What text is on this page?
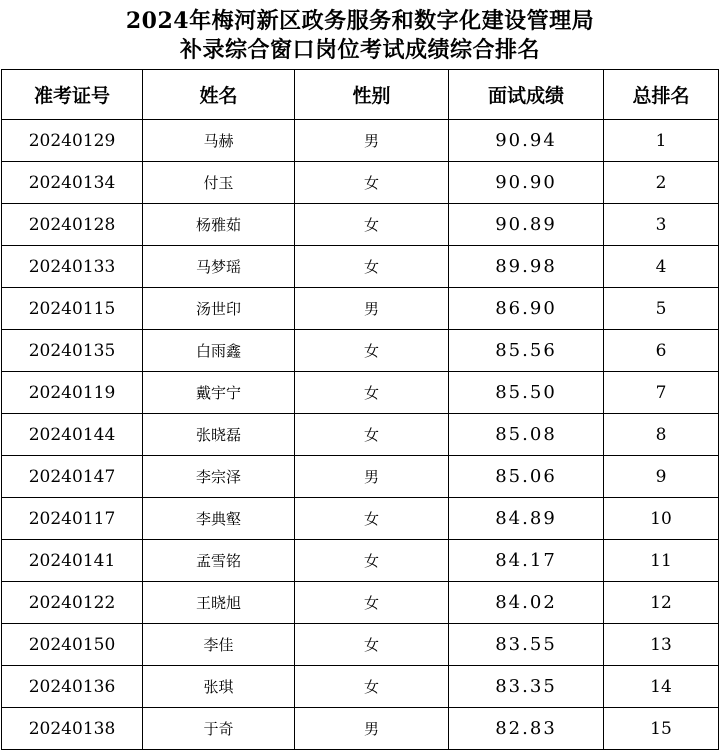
2024年梅河新区政务服务和数字化建设管理局
补录综合窗口岗位考试成绩综合排名
准考证号	姓名	性别	面试成绩	总排名
20240129	马赫	男	90.94	1
20240134	付玉	女	90.90	2
20240128	杨雅茹	女	90.89	3
20240133	马梦瑶	女	89.98	4
20240115	汤世印	男	86.90	5
20240135	白雨鑫	女	85.56	6
20240119	戴宇宁	女	85.50	7
20240144	张晓磊	女	85.08	8
20240147	李宗泽	男	85.06	9
20240117	李典壑	女	84.89	10
20240141	孟雪铭	女	84.17	11
20240122	王晓旭	女	84.02	12
20240150	李佳	女	83.55	13
20240136	张琪	女	83.35	14
20240138	于奇	男	82.83	15
